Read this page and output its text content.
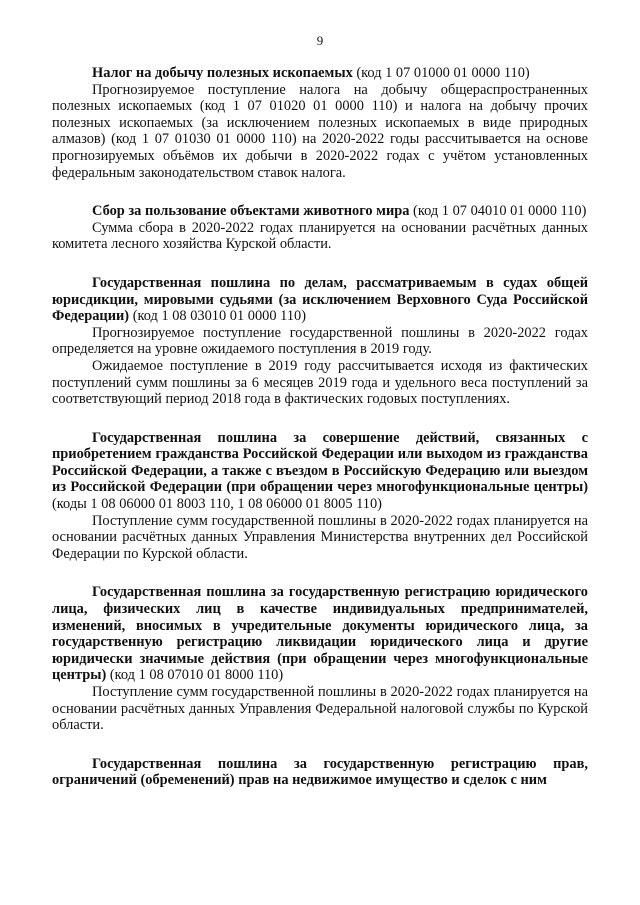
9

Налог на добычу полезных ископаемых (код 1 07 01000 01 0000 110)

Прогнозируемое поступление налога на добычу общераспространенных полезных ископаемых (код 1 07 01020 01 0000 110) и налога на добычу прочих полезных ископаемых (за исключением полезных ископаемых в виде природных алмазов) (код 1 07 01030 01 0000 110) на 2020-2022 годы рассчитывается на основе прогнозируемых объёмов их добычи в 2020-2022 годах с учётом установленных федеральным законодательством ставок налога.

Сбор за пользование объектами животного мира (код 1 07 04010 01 0000 110)

Сумма сбора в 2020-2022 годах планируется на основании расчётных данных комитета лесного хозяйства Курской области.

Государственная пошлина по делам, рассматриваемым в судах общей юрисдикции, мировыми судьями (за исключением Верховного Суда Российской Федерации) (код 1 08 03010 01 0000 110)

Прогнозируемое поступление государственной пошлины в 2020-2022 годах определяется на уровне ожидаемого поступления в 2019 году.

Ожидаемое поступление в 2019 году рассчитывается исходя из фактических поступлений сумм пошлины за 6 месяцев 2019 года и удельного веса поступлений за соответствующий период 2018 года в фактических годовых поступлениях.

Государственная пошлина за совершение действий, связанных с приобретением гражданства Российской Федерации или выходом из гражданства Российской Федерации, а также с въездом в Российскую Федерацию или выездом из Российской Федерации (при обращении через многофункциональные центры) (коды 1 08 06000 01 8003 110, 1 08 06000 01 8005 110)

Поступление сумм государственной пошлины в 2020-2022 годах планируется на основании расчётных данных Управления Министерства внутренних дел Российской Федерации по Курской области.

Государственная пошлина за государственную регистрацию юридического лица, физических лиц в качестве индивидуальных предпринимателей, изменений, вносимых в учредительные документы юридического лица, за государственную регистрацию ликвидации юридического лица и другие юридически значимые действия (при обращении через многофункциональные центры) (код 1 08 07010 01 8000 110)

Поступление сумм государственной пошлины в 2020-2022 годах планируется на основании расчётных данных Управления Федеральной налоговой службы по Курской области.

Государственная пошлина за государственную регистрацию прав, ограничений (обременений) прав на недвижимое имущество и сделок с ним
